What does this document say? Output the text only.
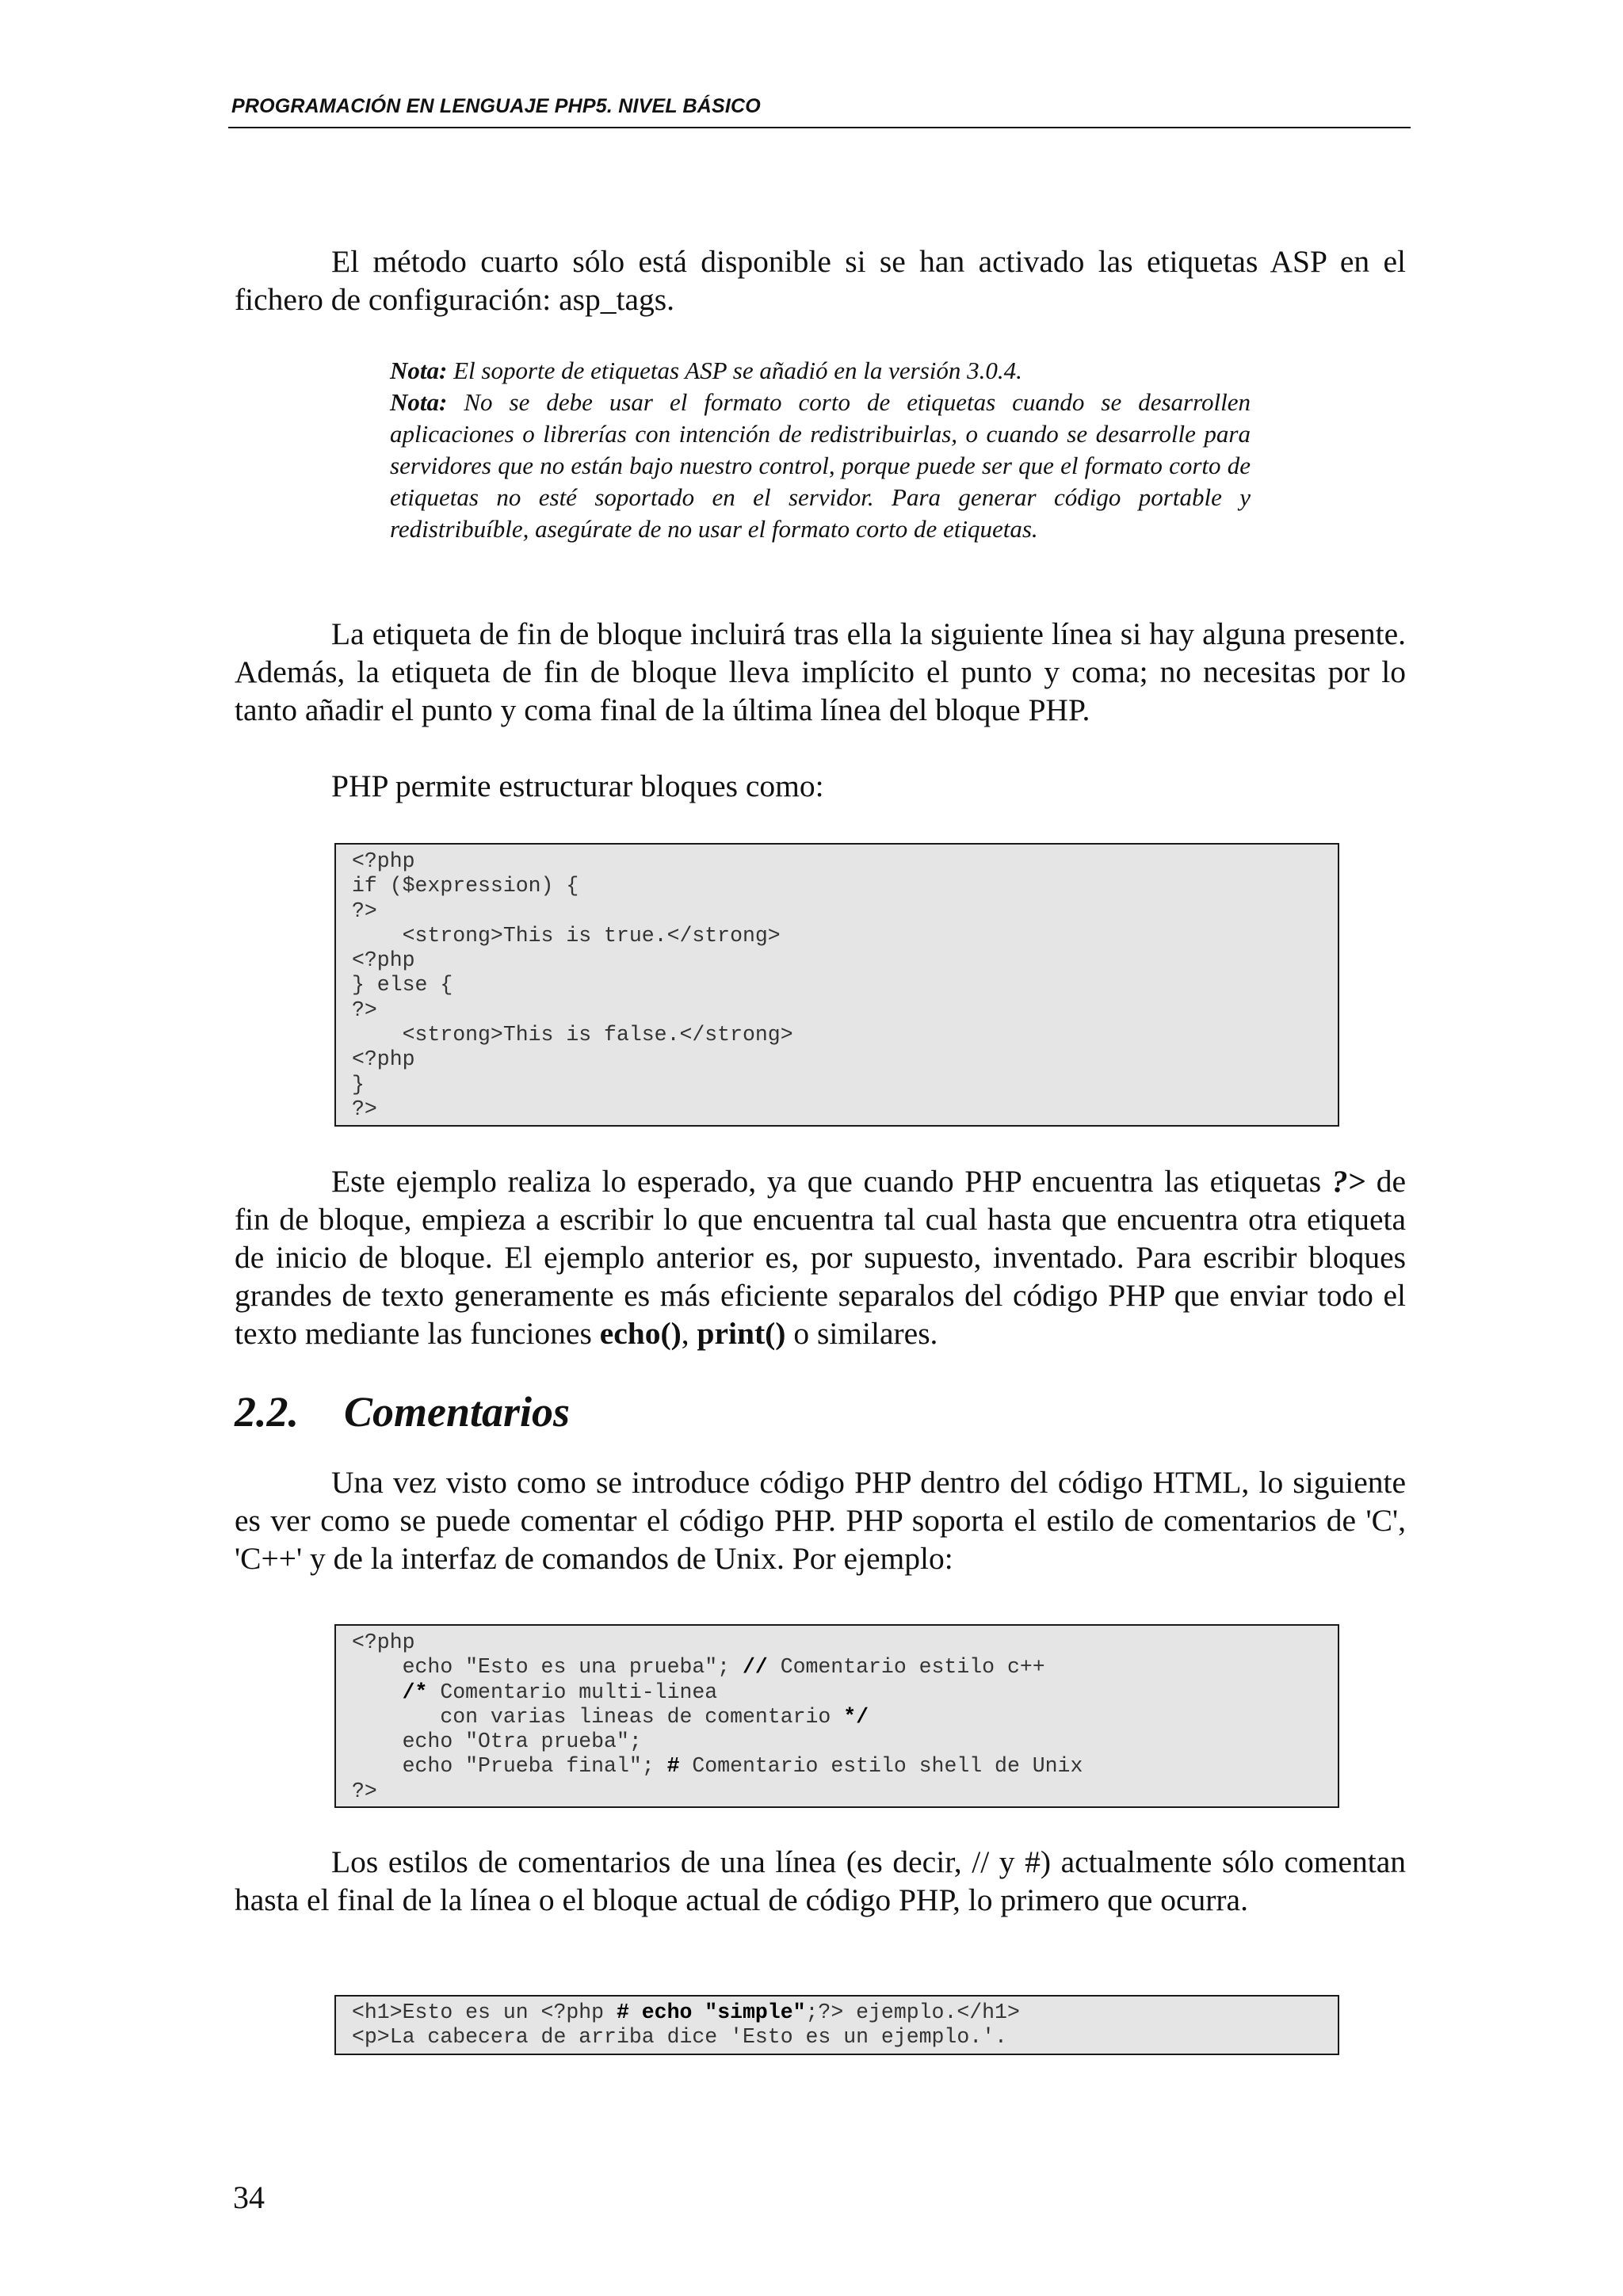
PROGRAMACIÓN EN LENGUAJE PHP5. NIVEL BÁSICO

El método cuarto sólo está disponible si se han activado las etiquetas ASP en el fichero de configuración: asp_tags.

Nota: El soporte de etiquetas ASP se añadió en la versión 3.0.4.

Nota: No se debe usar el formato corto de etiquetas cuando se desarrollen aplicaciones o librerías con intención de redistribuirlas, o cuando se desarrolle para servidores que no están bajo nuestro control, porque puede ser que el formato corto de etiquetas no esté soportado en el servidor. Para generar código portable y redistribuíble, asegúrate de no usar el formato corto de etiquetas.

La etiqueta de fin de bloque incluirá tras ella la siguiente línea si hay alguna presente. Además, la etiqueta de fin de bloque lleva implícito el punto y coma; no necesitas por lo tanto añadir el punto y coma final de la última línea del bloque PHP.

PHP permite estructurar bloques como:

<?php
if ($expression) {
?>
<strong>This is true.</strong>
<?php
} else {
?>
<strong>This is false.</strong>
<?php
}
?>

Este ejemplo realiza lo esperado, ya que cuando PHP encuentra las etiquetas ?> de fin de bloque, empieza a escribir lo que encuentra tal cual hasta que encuentra otra etiqueta de inicio de bloque. El ejemplo anterior es, por supuesto, inventado. Para escribir bloques grandes de texto generamente es más eficiente separalos del código PHP que enviar todo el texto mediante las funciones echo(), print() o similares.

2.2. Comentarios

Una vez visto como se introduce código PHP dentro del código HTML, lo siguiente es ver como se puede comentar el código PHP. PHP soporta el estilo de comentarios de 'C', 'C++' y de la interfaz de comandos de Unix. Por ejemplo:

<?php
echo "Esto es una prueba"; // Comentario estilo c++
/* Comentario multi-linea
con varias lineas de comentario */
echo "Otra prueba";
echo "Prueba final"; # Comentario estilo shell de Unix
?>

Los estilos de comentarios de una línea (es decir, // y #) actualmente sólo comentan hasta el final de la línea o el bloque actual de código PHP, lo primero que ocurra.

<h1>Esto es un <?php # echo "simple";?> ejemplo.</h1>
<p>La cabecera de arriba dice 'Esto es un ejemplo.'.
34
